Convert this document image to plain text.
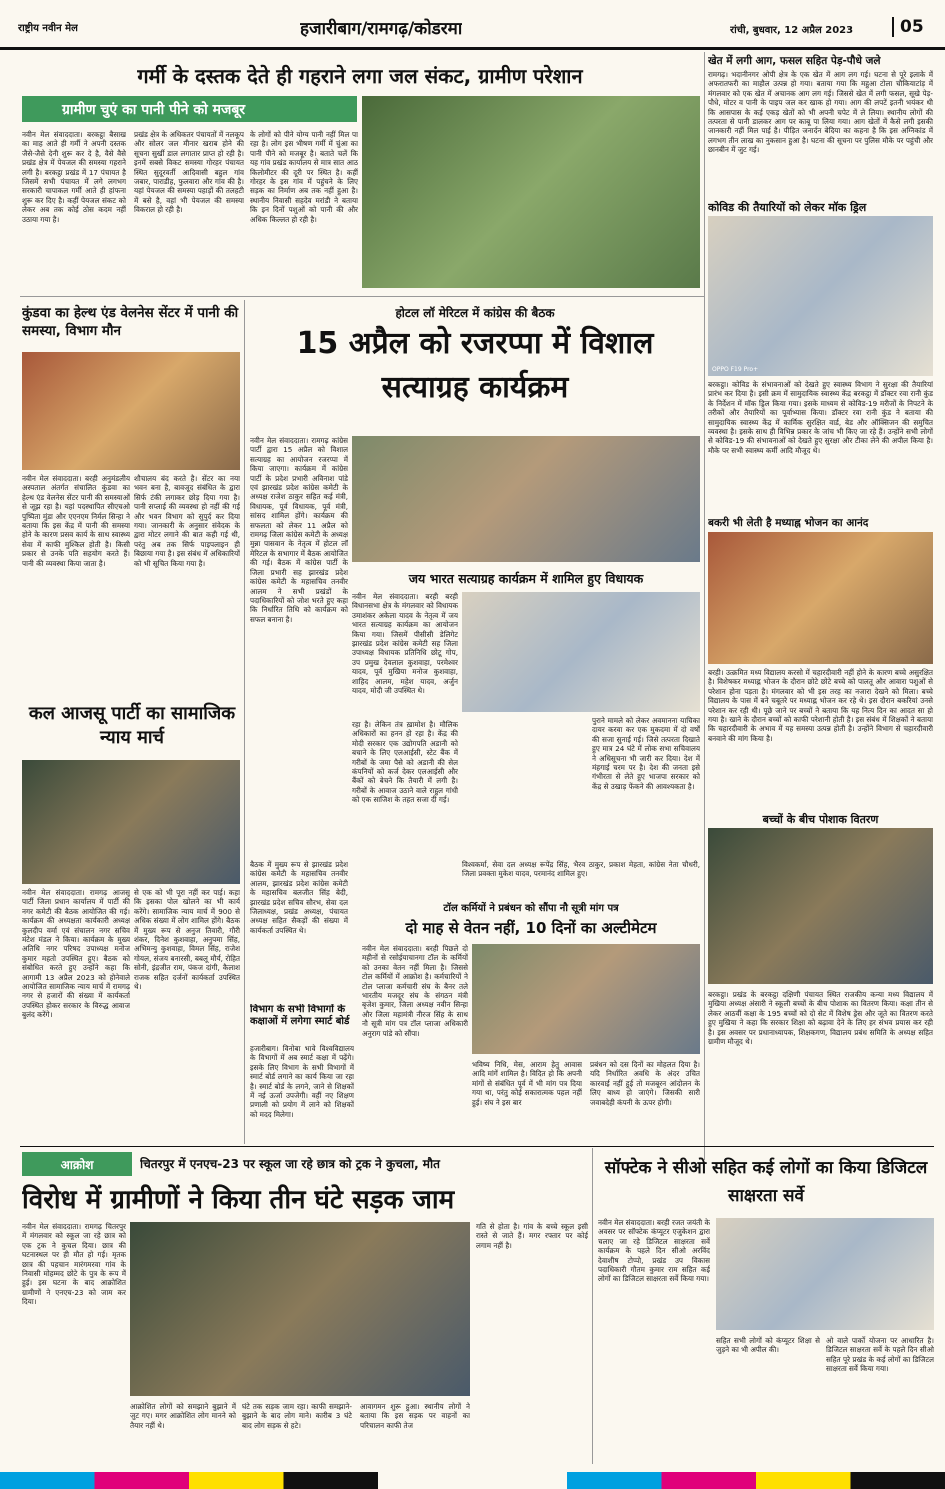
राष्ट्रीय नवीन मेल	हजारीबाग/रामगढ़/कोडरमा	रांची, बुधवार, 12 अप्रैल 2023	05
गर्मी के दस्तक देते ही गहराने लगा जल संकट, ग्रामीण परेशान
ग्रामीण चुएं का पानी पीने को मजबूर
नवीन मेल संवाददाता। बरकट्ठा बैसाख का माह आते ही गर्मी ने अपनी दस्तक जैसे-जैसे देनी शुरू कर दे है, वैसे वैसे प्रखंड क्षेत्र में पेयजल की समस्या गहराने लगी है। बरकट्ठा प्रखंड में 17 पंचायत है जिसमें सभी पंचायत में लगे लगभग सरकारी चापाकल गर्मी आते ही हांफना शुरू कर दिए है। कहीं पेयजल संकट को लेकर अब तक कोई ठोस कदम नहीं उठाया गया है।
प्रखंड क्षेत्र के अधिकतर पंचायतों में नलकूप और सोलर जल मीनार खराब होने की सूचना सुर्खी डाल लगातार प्राप्त हो रही है। इनमें सबसे विकट समस्या गोरहर पंचायत स्थित सुदूरवर्ती आदिवासी बहुल गांव जबार, पाराडीह, फुलवारा और गांव की है। यहां पेयजल की समस्या पहाड़ों की तलहटी में बसे है, वहां भी पेयजल की समस्या विकराल हो रही है।
के लोगों को पीने योग्य पानी नहीं मिल पा रहा है। लोग इस भीषण गर्मी में चुंआ का पानी पीने को मजबूर है। बताते चलें कि यह गांव प्रखंड कार्यालय से मात्र सात आठ किलोमीटर की दूरी पर स्थित है। कहीं गोरहर के इस गांव में पहुंचने के लिए सड़क का निर्माण अब तक नहीं हुआ है। स्थानीय निवासी सहदेव मरांडी ने बताया कि इन दिनों पशुओं को पानी की और अधिक किल्लत हो रही है।
खेत में लगी आग, फसल सहित पेड़-पौधे जले
रामगढ़। भदानीनगर ओपी क्षेत्र के एक खेत में आग लग गई। घटना से पूरे इलाके में अफरातफरी का माहौल उत्पन्न हो गया। बताया गया कि महुआ टोला चौकियाटांड़ में मंगलवार को एक खेत में अचानक आग लग गई। जिससे खेत में लगी फसल, सूखे पेड़-पौधे, मोटर व पानी के पाइप जल कर खाक हो गया। आग की लपटें इतनी भयंकर थी कि आसपास के कई एकड़ खेतों को भी अपनी चपेट में ले लिया। स्थानीय लोगों की तत्परता से पानी डालकर आग पर काबू पा लिया गया। आग खेतों में कैसे लगी इसकी जानकारी नहीं मिल पाई है। पीड़ित जनार्दन बेदिया का कहना है कि इस अग्निकांड में लगभग तीन लाख का नुकसान हुआ है। घटना की सूचना पर पुलिस मौके पर पहुंची और छानबीन में जुट गई।
कोविड की तैयारियों को लेकर मॉक ड्रिल
OPPO F19 Pro+
बरकट्ठा। कोविड के संभावनाओं को देखते हुए स्वास्थ्य विभाग ने सुरक्षा की तैयारियां प्रारंभ कर दिया है। इसी क्रम में सामुदायिक स्वास्थ्य केंद्र बरकट्ठा में डॉक्टर रवा रानी कुंड के निर्देशन में मॉक ड्रिल किया गया। इसके माध्यम से कोविड-19 मरीजों के निपटने के तरीकों और तैयारियों का पूर्वाभ्यास किया। डॉक्टर रवा रानी कुंड ने बताया की सामुदायिक स्वास्थ्य केंद्र में कार्मिक सुरक्षित वार्ड, बेड और ऑक्सिजन की समुचित व्यवस्था है। इसके साथ ही विभिन्न प्रकार के जांच भी किए जा रहे हैं। उन्होंने सभी लोगों से कोविड-19 की संभावनाओं को देखते हुए सुरक्षा और टीका लेने की अपील किया है। मौके पर सभी स्वास्थ्य कर्मी आदि मौजूद थे।
बकरी भी लेती है मध्याह्न भोजन का आनंद
बरही। उत्क्रमित मध्य विद्यालय करसो में चहारदीवारी नहीं होने के कारण बच्चे असुरक्षित है। विशेषकर मध्याह्न भोजन के दौरान छोटे छोटे बच्चे को पालतू और आवारा पशुओं से परेशान होना पड़ता है। मंगलवार को भी इस तरह का नजारा देखने को मिला। बच्चे विद्यालय के पास में बने चबूतरे पर मध्याह्न भोजन कर रहे थे। इस दौरान बकरियां उनसे परेशान कर रही थी। पूछे जाने पर बच्चों ने बताया कि यह नित्य दिन का आदत सा हो गया है। खाने के दौरान बच्चों को काफी परेशानी होती है। इस संबंध में शिक्षकों ने बताया कि चहारदीवारी के अभाव में यह समस्या उत्पन्न होती है। उन्होंने विभाग से चहारदीवारी बनवाने की मांग किया है।
बच्चों के बीच पोशाक वितरण
बरकट्ठा। प्रखंड के बरकट्ठा दक्षिणी पंचायत स्थित राजकीय कन्या मध्य विद्यालय में मुखिया अध्यक्ष अंसारी ने स्कूली बच्चों के बीच पोशाक का वितरण किया। कक्षा तीन से लेकर आठवीं कक्षा के 195 बच्चों को दो सेट में विशेष ड्रेस और जूते का वितरण करते हुए मुखिया ने कहा कि सरकार शिक्षा को बढ़ावा देने के लिए हर संभव प्रयास कर रही है। इस अवसर पर प्रधानाध्यापक, शिक्षकगण, विद्यालय प्रबंध समिति के अध्यक्ष सहित ग्रामीण मौजूद थे।
कुंडवा का हेल्थ एंड वेलनेस सेंटर में पानी की समस्या, विभाग मौन
नवीन मेल संवाददाता। बरही अनुमंडलीय अस्पताल अंतर्गत संचालित कुंडवा का हेल्थ एंड वेलनेस सेंटर पानी की समस्याओं से जूझ रहा है। यहां पदस्थापित सीएचओ पुष्पिता मुंडा और एएनएम निर्मल सिन्हा ने बताया कि इस केंद्र में पानी की समस्या होने के कारण प्रसव कार्य के साथ स्वास्थ्य सेवा में काफी मुश्किल होती है। किसी प्रकार से उनके पति सहयोग करते हैं। पानी की व्यवस्था किया जाता है।
शौचालय बंद करते है। सेंटर का नया भवन बना है, बावजूद संबंधित के द्वारा सिर्फ टंकी लगाकर छोड़ दिया गया है। पानी सप्लाई की व्यवस्था हो नहीं की गई और भवन विभाग को सुपुर्द कर दिया गया। जानकारी के अनुसार संवेदक के द्वारा मोटर लगाने की बात कही गई थी, परंतु अब तक सिर्फ पाइपलाइन ही बिछाया गया है। इस संबंध में अधिकारियों को भी सूचित किया गया है।
होटल लॉ मेरिटल में कांग्रेस की बैठक
15 अप्रैल को रजरप्पा में विशाल सत्याग्रह कार्यक्रम
नवीन मेल संवाददाता। रामगढ़ कांग्रेस पार्टी द्वारा 15 अप्रैल को विशाल सत्याग्रह का आयोजन रजरप्पा में किया जाएगा। कार्यक्रम में कांग्रेस पार्टी के प्रदेश प्रभारी अविनाश पांडे एवं झारखंड प्रदेश कांग्रेस कमेटी के अध्यक्ष राजेश ठाकुर सहित कई मंत्री, विधायक, पूर्व विधायक, पूर्व मंत्री, सांसद शामिल होंगे। कार्यक्रम की सफलता को लेकर 11 अप्रैल को रामगढ़ जिला कांग्रेस कमेटी के अध्यक्ष मुन्ना पासवान के नेतृत्व में होटल लॉ मेरिटल के सभागार में बैठक आयोजित की गई। बैठक में कांग्रेस पार्टी के जिला प्रभारी सह झारखंड प्रदेश कांग्रेस कमेटी के महासचिव तनवीर आलम ने सभी प्रखंडों के पदाधिकारियों को जोश भरते हुए कहा कि निर्धारित तिथि को कार्यक्रम को सफल बनाना है।
बैठक में मुख्य रूप से झारखंड प्रदेश कांग्रेस कमेटी के महासचिव तनवीर आलम, झारखंड प्रदेश कांग्रेस कमेटी के महासचिव बलजीत सिंह बेदी, झारखंड प्रदेश सचिव सौरभ, सेवा दल जिलाध्यक्ष, प्रखंड अध्यक्ष, पंचायत अध्यक्ष सहित सैकड़ों की संख्या में कार्यकर्ता उपस्थित थे।
जय भारत सत्याग्रह कार्यक्रम में शामिल हुए विधायक
नवीन मेल संवाददाता। बरही बरही विधानसभा क्षेत्र के मंगलवार को विधायक उमाशंकर अकेला यादव के नेतृत्व में जय भारत सत्याग्रह कार्यक्रम का आयोजन किया गया। जिसमें पीसीसी डेलिगेट झारखंड प्रदेश कांग्रेस कमेटी सह जिला उपाध्यक्ष विधायक प्रतिनिधि छोटू गोप, उप प्रमुख देवलाल कुशवाहा, परमेश्वर यादव, पूर्व मुखिया मनोज कुशवाहा, शाहिद आलम, महेश यादव, अर्जुन यादव, मोदी जी उपस्थित थे।
रहा है। लेकिन तंत्र ख़ामोश है। मौलिक अधिकारों का हनन हो रहा है। केंद्र की मोदी सरकार एक उद्योगपति अडानी को बचाने के लिए एलआईसी, स्टेट बैंक में गरीबों के जमा पैसे को अडानी की सेल कंपनियों को कर्ज देकर एलआईसी और बैंकों को बेचने कि तैयारी में लगी है। गरीबों के आवाज उठाने वाले राहुल गांधी को एक साजिश के तहत सजा दी गई।
पुराने मामले को लेकर अवमानना याचिका दायर करवा कर एक मुकदमा में दो वर्षों की सजा सुनाई गई। जिसे तत्परता दिखाते हुए मात्र 24 घंटे में लोक सभा सचिवालय ने अधिसूचना भी जारी कर दिया। देश में मंहगाई चरम पर है। देश की जनता इसे गंभीरता से लेते हुए भाजपा सरकार को केंद्र से उखाड़ फेंकने की आवश्यकता है।
विश्वकर्मा, सेवा दल अध्यक्ष रूपेंद्र सिंह, भैरव ठाकुर, प्रकाश मेहता, कांग्रेस नेता चौधरी, जिला प्रवक्ता मुकेश यादव, परमानंद शामिल हुए।
कल आजसू पार्टी का सामाजिक न्याय मार्च
नवीन मेल संवाददाता। रामगढ़ आजसू पार्टी जिला प्रधान कार्यालय में पार्टी की नगर कमेटी की बैठक आयोजित की गई। कार्यक्रम की अध्यक्षता कार्यकारी अध्यक्ष कुलदीप वर्मा एवं संचालन नगर सचिव मंटेश मंडल ने किया। कार्यक्रम के मुख्य अतिथि नगर परिषद उपाध्यक्ष मनोज कुमार महतो उपस्थित हुए। बैठक को संबोधित करते हुए उन्होंने कहा कि आगामी 13 अप्रैल 2023 को होनेवाले आयोजित सामाजिक न्याय मार्च में रामगढ़ नगर से हजारों की संख्या में कार्यकर्ता उपस्थित होकर सरकार के विरुद्ध आवाज बुलंद करेंगे।
से एक को भी पूरा नहीं कर पाई। कहा कि इसका पोल खोलने का भी कार्य करेंगे। सामाजिक न्याय मार्च में 900 से अधिक संख्या में लोग शामिल होंगे। बैठक में मुख्य रूप से अनुज तिवारी, गौरी शंकर, दिनेश कुशवाहा, अनुपमा सिंह, अभिमन्यु कुशवाहा, विमल सिंह, राजेश गोयल, संजय बनारसी, बबलू मौर्य, रोहित सोनी, इंद्रजीत राम, पंकज दांगी, कैलाश राजक सहित दर्जनों कार्यकर्ता उपस्थित थे।
विभाग के सभी विभागों के कक्षाओं में लगेगा स्मार्ट बोर्ड
हजारीबाग। विनोबा भावे विश्वविद्यालय के विभागों में अब स्मार्ट कक्षा में पढ़ेंगे। इसके लिए विभाग के सभी विभागों में स्मार्ट बोर्ड लगाने का कार्य किया जा रहा है। स्मार्ट बोर्ड के लगने, जाने से शिक्षकों में नई ऊर्जा उपजेगी। वहीं नए शिक्षण प्रणाली को प्रयोग में लाने को शिक्षकों को मदद मिलेगा।
टॉल कर्मियों ने प्रबंधन को सौंपा नौ सूत्री मांग पत्र
दो माह से वेतन नहीं, 10 दिनों का अल्टीमेटम
नवीन मेल संवाददाता। बरही पिछले दो महीनों से रसोईयाचानगा टॉल के कर्मियों को उनका वेतन नहीं मिला है। जिससे टोल कर्मियों में आक्रोश है। कर्मचारियों ने टोल प्लाजा कर्मचारी संघ के बैनर तले भारतीय मजदूर संघ के संगठन मंत्री बृजेश कुमार, जिला अध्यक्ष नवीन सिन्हा और जिला महामंत्री नीरज सिंह के साथ नौ सूत्री मांग पत्र टॉल प्लाजा अधिकारी अनुराग पांडे को सौंपा।
भविष्य निधि, मेस, आराम हेतु आवास आदि मांगें शामिल है। विदित हो कि अपनी मांगों से संबंधित पूर्व में भी मांग पत्र दिया गया था, परंतु कोई सकारात्मक पहल नहीं हुई। संघ ने इस बार
प्रबंधन को दस दिनों का मोहलत दिया है। यदि निर्धारित अवधि के अंदर उचित कारवाई नहीं हुई तो मजबूरन आंदोलन के लिए बाध्य हो जाएंगे। जिसकी सारी जवाबदेही कंपनी के ऊपर होगी।
आक्रोश	चितरपुर में एनएच-23 पर स्कूल जा रहे छात्र को ट्रक ने कुचला, मौत
विरोध में ग्रामीणों ने किया तीन घंटे सड़क जाम
नवीन मेल संवाददाता। रामगढ़ चितरपुर में मंगलवार को स्कूल जा रहे छात्र को एक ट्रक ने कुचल दिया। छात्र की घटनास्थल पर ही मौत हो गई। मृतक छात्र की पहचान मारंगमरवा गांव के निवासी मोहम्मद छोटे के पुत्र के रूप में हुई। इस घटना के बाद आक्रोशित ग्रामीणों ने एनएच-23 को जाम कर दिया।
आक्रोशित लोगों को समझाने बुझाने में जुट गए। मगर आक्रोशित लोग मानने को तैयार नहीं थे।
घंटे तक सड़क जाम रहा। काफी समझाने-बुझाने के बाद लोग माने। कारीब 3 घंटे बाद लोग सड़क से हटे।
आवागमन शुरू हुआ। स्थानीय लोगों ने बताया कि इस सड़क पर वाहनों का परिचालन काफी तेज
गति से होता है। गांव के बच्चे स्कूल इसी रास्ते से जाते हैं। मगर रफ्तार पर कोई लगाम नहीं है।
सॉफ्टेक ने सीओ सहित कई लोगों का किया डिजिटल साक्षरता सर्वे
नवीन मेल संवाददाता। बरही रजत जयंती के अवसर पर सॉफ्टेक कंप्यूटर एजुकेशन द्वारा चलाए जा रहे डिजिटल साक्षरता सर्वे कार्यक्रम के पहले दिन सीओ अरविंद देवाशीष टोप्पो, प्रखंड उप विकास पदाधिकारी गौतम कुमार राम सहित कई लोगों का डिजिटल साक्षरता सर्वे किया गया।
सहित सभी लोगों को कंप्यूटर शिक्षा से जुड़ने का भी अपील की।
ओ वाले पार्को योजना पर आधारित है। डिजिटल साक्षरता सर्वे के पहले दिन सीओ सहित पूरे प्रखंड के कई लोगों का डिजिटल साक्षरता सर्वे किया गया।
